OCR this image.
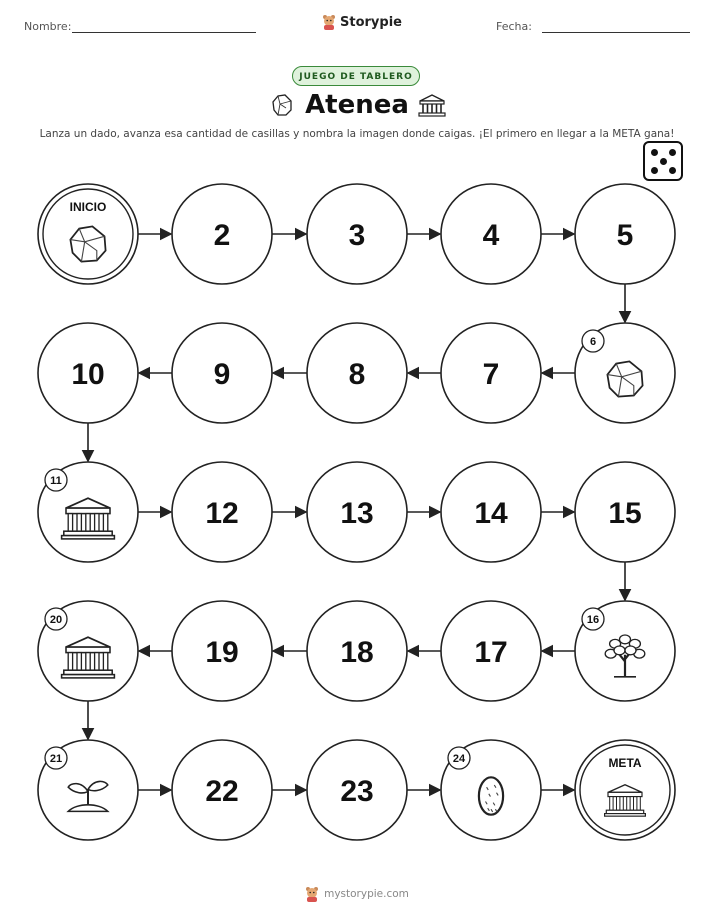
Nombre:	Storypie	Fecha:
JUEGO DE TABLERO
Atenea
Lanza un dado, avanza esa cantidad de casillas y nombra la imagen donde caigas. ¡El primero en llegar a la META gana!
INICIO
2	3	4	5
6
7
8
9
10
11
12	13	14	15
16
17
18
19
20
21
22	23
24	META
mystorypie.com
